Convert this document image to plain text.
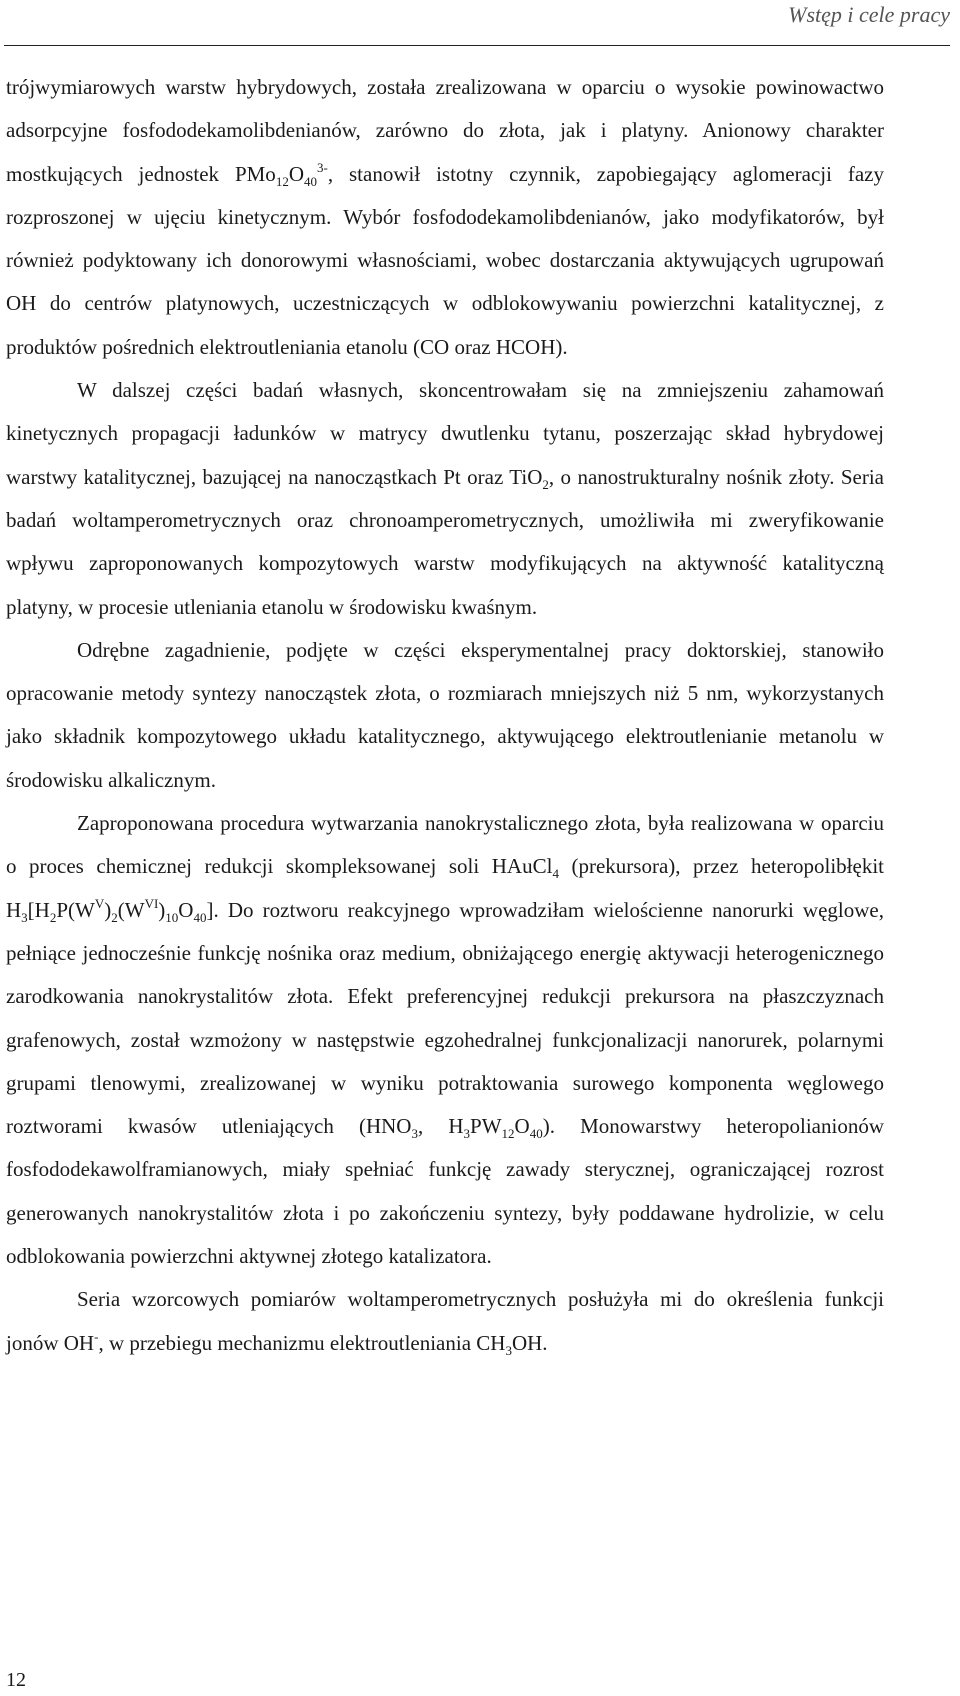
Wstęp i cele pracy

trójwymiarowych warstw hybrydowych, została zrealizowana w oparciu o wysokie powinowactwo adsorpcyjne fosfododekamolibdenianów, zarówno do złota, jak i platyny. Anionowy charakter mostkujących jednostek $PMo_{12}O_{40}^{3-}$, stanowił istotny czynnik, zapobiegający aglomeracji fazy rozproszonej w ujęciu kinetycznym. Wybór fosfododekamolibdenianów, jako modyfikatorów, był również podyktowany ich donorowymi własnościami, wobec dostarczania aktywujących ugrupowań OH do centrów platynowych, uczestniczących w odblokowywaniu powierzchni katalitycznej, z produktów pośrednich elektroutleniania etanolu (CO oraz HCOH).

W dalszej części badań własnych, skoncentrowałam się na zmniejszeniu zahamowań kinetycznych propagacji ładunków w matrycy dwutlenku tytanu, poszerzając skład hybrydowej warstwy katalitycznej, bazującej na nanocząstkach Pt oraz TiO$_2$, o nanostrukturalny nośnik złoty. Seria badań woltamperometrycznych oraz chronoamperometrycznych, umożliwiła mi zweryfikowanie wpływu zaproponowanych kompozytowych warstw modyfikujących na aktywność katalityczną platyny, w procesie utleniania etanolu w środowisku kwaśnym.

Odrębne zagadnienie, podjęte w części eksperymentalnej pracy doktorskiej, stanowiło opracowanie metody syntezy nanocząstek złota, o rozmiarach mniejszych niż 5 nm, wykorzystanych jako składnik kompozytowego układu katalitycznego, aktywującego elektroutlenianie metanolu w środowisku alkalicznym.

Zaproponowana procedura wytwarzania nanokrystalicznego złota, była realizowana w oparciu o proces chemicznej redukcji skompleksowanej soli HAuCl$_4$ (prekursora), przez heteropolibłękit $H_3[H_2P(W^V)_2(W^{VI})_{10}O_{40}]$. Do roztworu reakcyjnego wprowadziłam wielościenne nanorurki węglowe, pełniące jednocześnie funkcję nośnika oraz medium, obniżającego energię aktywacji heterogenicznego zarodkowania nanokrystalitów złota. Efekt preferencyjnej redukcji prekursora na płaszczyznach grafenowych, został wzmożony w następstwie egzohedralnej funkcjonalizacji nanorurek, polarnymi grupami tlenowymi, zrealizowanej w wyniku potraktowania surowego komponenta węglowego roztworami kwasów utleniających ($HNO_3$, $H_3PW_{12}O_{40}$). Monowarstwy heteropolianionów fosfododekawolframianowych, miały spełniać funkcję zawady sterycznej, ograniczającej rozrost generowanych nanokrystalitów złota i po zakończeniu syntezy, były poddawane hydrolizie, w celu odblokowania powierzchni aktywnej złotego katalizatora.

Seria wzorcowych pomiarów woltamperometrycznych posłużyła mi do określenia funkcji jonów OH-, w przebiegu mechanizmu elektroutleniania $CH_3OH$.

12
